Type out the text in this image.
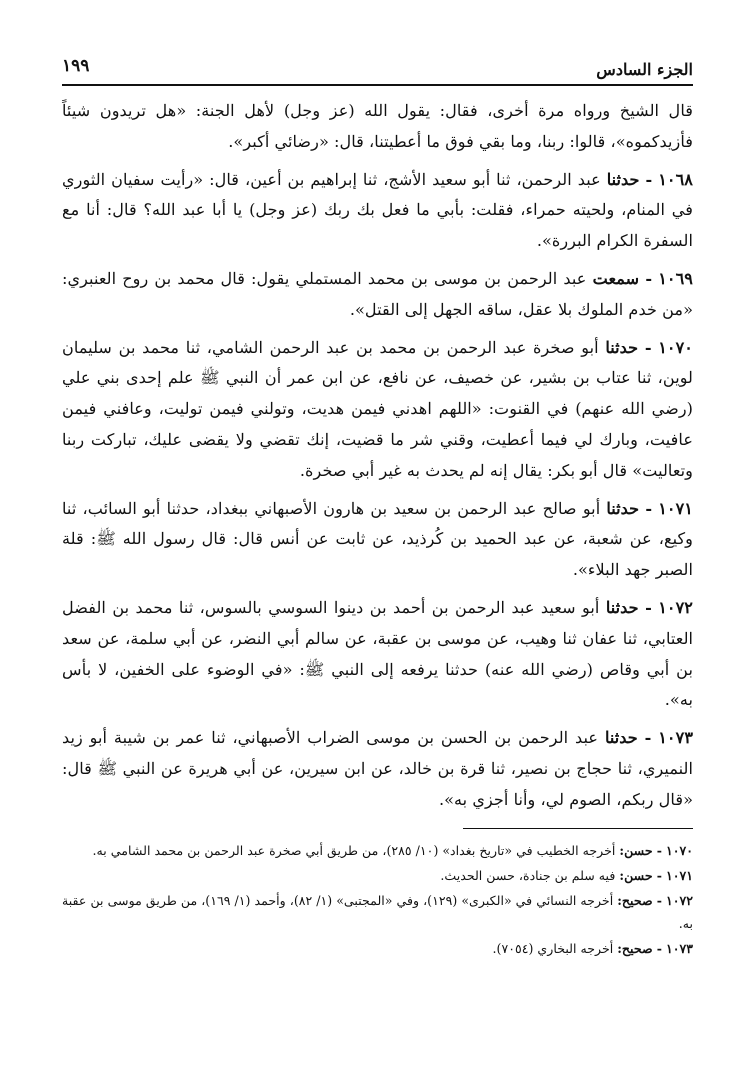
الجزء السادس
١٩٩

قال الشيخ ورواه مرة أخرى، فقال: يقول الله (عز وجل) لأهل الجنة: «هل تريدون شيئاً فأزيدكموه»، قالوا: ربنا، وما بقي فوق ما أعطيتنا، قال: «رضائي أكبر».

١٠٦٨ - حدثنا عبد الرحمن، ثنا أبو سعيد الأشج، ثنا إبراهيم بن أعين، قال: «رأيت سفيان الثوري في المنام، ولحيته حمراء، فقلت: بأبي ما فعل بك ربك (عز وجل) يا أبا عبد الله؟ قال: أنا مع السفرة الكرام البررة».

١٠٦٩ - سمعت عبد الرحمن بن موسى بن محمد المستملي يقول: قال محمد بن روح العنبري: «من خدم الملوك بلا عقل، ساقه الجهل إلى القتل».

١٠٧٠ - حدثنا أبو صخرة عبد الرحمن بن محمد بن عبد الرحمن الشامي، ثنا محمد بن سليمان لوين، ثنا عتاب بن بشير، عن خصيف، عن نافع، عن ابن عمر أن النبي ﷺ علم إحدى بني علي (رضي الله عنهم) في القنوت: «اللهم اهدني فيمن هديت، وتولني فيمن توليت، وعافني فيمن عافيت، وبارك لي فيما أعطيت، وقني شر ما قضيت، إنك تقضي ولا يقضى عليك، تباركت ربنا وتعاليت» قال أبو بكر: يقال إنه لم يحدث به غير أبي صخرة.

١٠٧١ - حدثنا أبو صالح عبد الرحمن بن سعيد بن هارون الأصبهاني ببغداد، حدثنا أبو السائب، ثنا وكيع، عن شعبة، عن عبد الحميد بن كُرذيد، عن ثابت عن أنس قال: قال رسول الله ﷺ: قلة الصبر جهد البلاء».

١٠٧٢ - حدثنا أبو سعيد عبد الرحمن بن أحمد بن دينوا السوسي بالسوس، ثنا محمد بن الفضل العتابي، ثنا عفان ثنا وهيب، عن موسى بن عقبة، عن سالم أبي النضر، عن أبي سلمة، عن سعد بن أبي وقاص (رضي الله عنه) حدثنا يرفعه إلى النبي ﷺ: «في الوضوء على الخفين، لا بأس به».

١٠٧٣ - حدثنا عبد الرحمن بن الحسن بن موسى الضراب الأصبهاني، ثنا عمر بن شيبة أبو زيد النميري، ثنا حجاج بن نصير، ثنا قرة بن خالد، عن ابن سيرين، عن أبي هريرة عن النبي ﷺ قال: «قال ربكم، الصوم لي، وأنا أجزي به».

١٠٧٠ - حسن: أخرجه الخطيب في «تاريخ بغداد» (١٠/ ٢٨٥)، من طريق أبي صخرة عبد الرحمن بن محمد الشامي به.

١٠٧١ - حسن: فيه سلم بن جنادة، حسن الحديث.

١٠٧٢ - صحيح: أخرجه النسائي في «الكبرى» (١٢٩)، وفي «المجتبى» (١/ ٨٢)، وأحمد (١/ ١٦٩)، من طريق موسى بن عقبة به.

١٠٧٣ - صحيح: أخرجه البخاري (٧٠٥٤).
